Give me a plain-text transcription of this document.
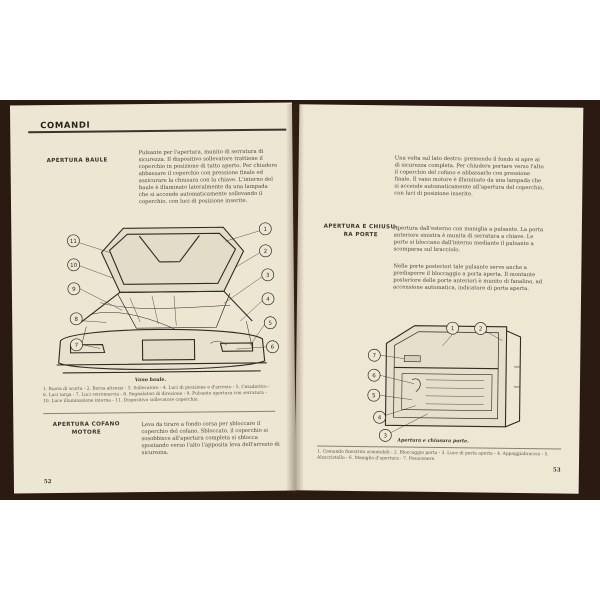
COMANDI
APERTURA BAULE
Pulsante per l'apertura, munito di serratura di sicurezza. Il dispositivo sollevatore trattiene il coperchio in posizione di tutto aperto. Per chiudere abbassare il coperchio con pressione finale ed assicurare la chiusura con la chiave. L'interno del baule è illuminato lateralmente da una lampada che si accende automaticamente sollevando il coperchio, con luci di posizione inserite.
11
10
9
8
7
1
2
3
4
5
6
Vano baule.
1. Ruota di scorta - 2. Borsa attrezzi - 3. Sollevatore - 4. Luci di posizione e d'arresto - 5. Catadiottro - 6. Luci targa - 7. Luci retromarcia - 8. Segnalatori di direzione - 9. Pulsante apertura con serratura - 10. Luce illuminazione interna - 11. Dispositivo sollevatore coperchio.
APERTURA COFANO
MOTORE
Leva da tirare a fondo corsa per sbloccare il coperchio del cofano. Sbloccato, il coperchio si sosobbisce all'apertura completa si sblocca spostando verso l'alto l'apposita leva dell'arresto di sicurezza.
52
Una volta sul lato destro: premendo il fondo si apre ai di sicurezza completa. Per chiudere portare verso l'alto il coperchio del cofano e abbassarlo con pressione finale. Il vano motore è illuminato da una lampada che si accende automaticamente all'apertura del coperchio, con luci di posizione inserite.
APERTURA E CHIUSU-
RA PORTE
Apertura dall'esterno con maniglia a pulsante. La porta anteriore sinistra è munita di serratura a chiave. Le porte si bloccano dall'interno mediante il pulsante a scomparsa sul bracciolo.
Nelle porte posteriori tale pulsante serve anche a predisporre il bloccaggio a porta aperta. Il montante posteriore delle porte anteriori è munito di fanalino, ad accensione automatica, indicatore di porta aperta.
7
6
5
4
3
1	2
Apertura e chiusura porte.
1. Comando finestrini orientabili - 2. Bloccaggio porta - 3. Luce di porta aperta - 4. Appoggiabraccio - 5. Alzacristallo - 6. Maniglia d'apertura - 7. Posacenere.
53
